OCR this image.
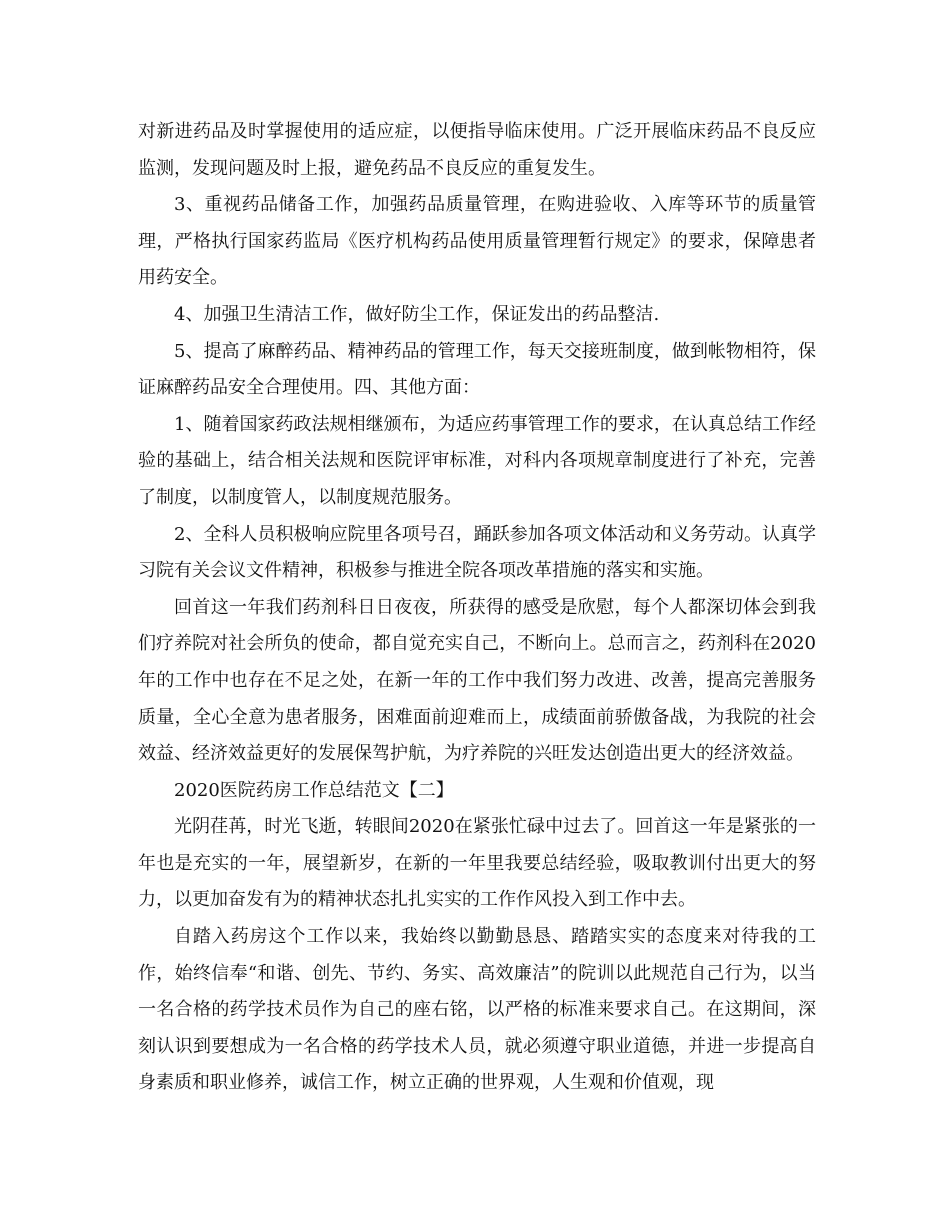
对新进药品及时掌握使用的适应症，以便指导临床使用。广泛开展临床药品不良反应监测，发现问题及时上报，避免药品不良反应的重复发生。

3、重视药品储备工作，加强药品质量管理，在购进验收、入库等环节的质量管理，严格执行国家药监局《医疗机构药品使用质量管理暂行规定》的要求，保障患者用药安全。

4、加强卫生清洁工作，做好防尘工作，保证发出的药品整洁.

5、提高了麻醉药品、精神药品的管理工作，每天交接班制度，做到帐物相符，保证麻醉药品安全合理使用。四、其他方面：

1、随着国家药政法规相继颁布，为适应药事管理工作的要求，在认真总结工作经验的基础上，结合相关法规和医院评审标准，对科内各项规章制度进行了补充，完善了制度，以制度管人，以制度规范服务。

2、全科人员积极响应院里各项号召，踊跃参加各项文体活动和义务劳动。认真学习院有关会议文件精神，积极参与推进全院各项改革措施的落实和实施。

回首这一年我们药剂科日日夜夜，所获得的感受是欣慰，每个人都深切体会到我们疗养院对社会所负的使命，都自觉充实自己，不断向上。总而言之，药剂科在2020年的工作中也存在不足之处，在新一年的工作中我们努力改进、改善，提高完善服务质量，全心全意为患者服务，困难面前迎难而上，成绩面前骄傲备战，为我院的社会效益、经济效益更好的发展保驾护航，为疗养院的兴旺发达创造出更大的经济效益。

2020医院药房工作总结范文【二】

光阴荏苒，时光飞逝，转眼间2020在紧张忙碌中过去了。回首这一年是紧张的一年也是充实的一年，展望新岁，在新的一年里我要总结经验，吸取教训付出更大的努力，以更加奋发有为的精神状态扎扎实实的工作作风投入到工作中去。

自踏入药房这个工作以来，我始终以勤勤恳恳、踏踏实实的态度来对待我的工作，始终信奉“和谐、创先、节约、务实、高效廉洁”的院训以此规范自己行为，以当一名合格的药学技术员作为自己的座右铭，以严格的标准来要求自己。在这期间，深刻认识到要想成为一名合格的药学技术人员，就必须遵守职业道德，并进一步提高自身素质和职业修养，诚信工作，树立正确的世界观，人生观和价值观，现
